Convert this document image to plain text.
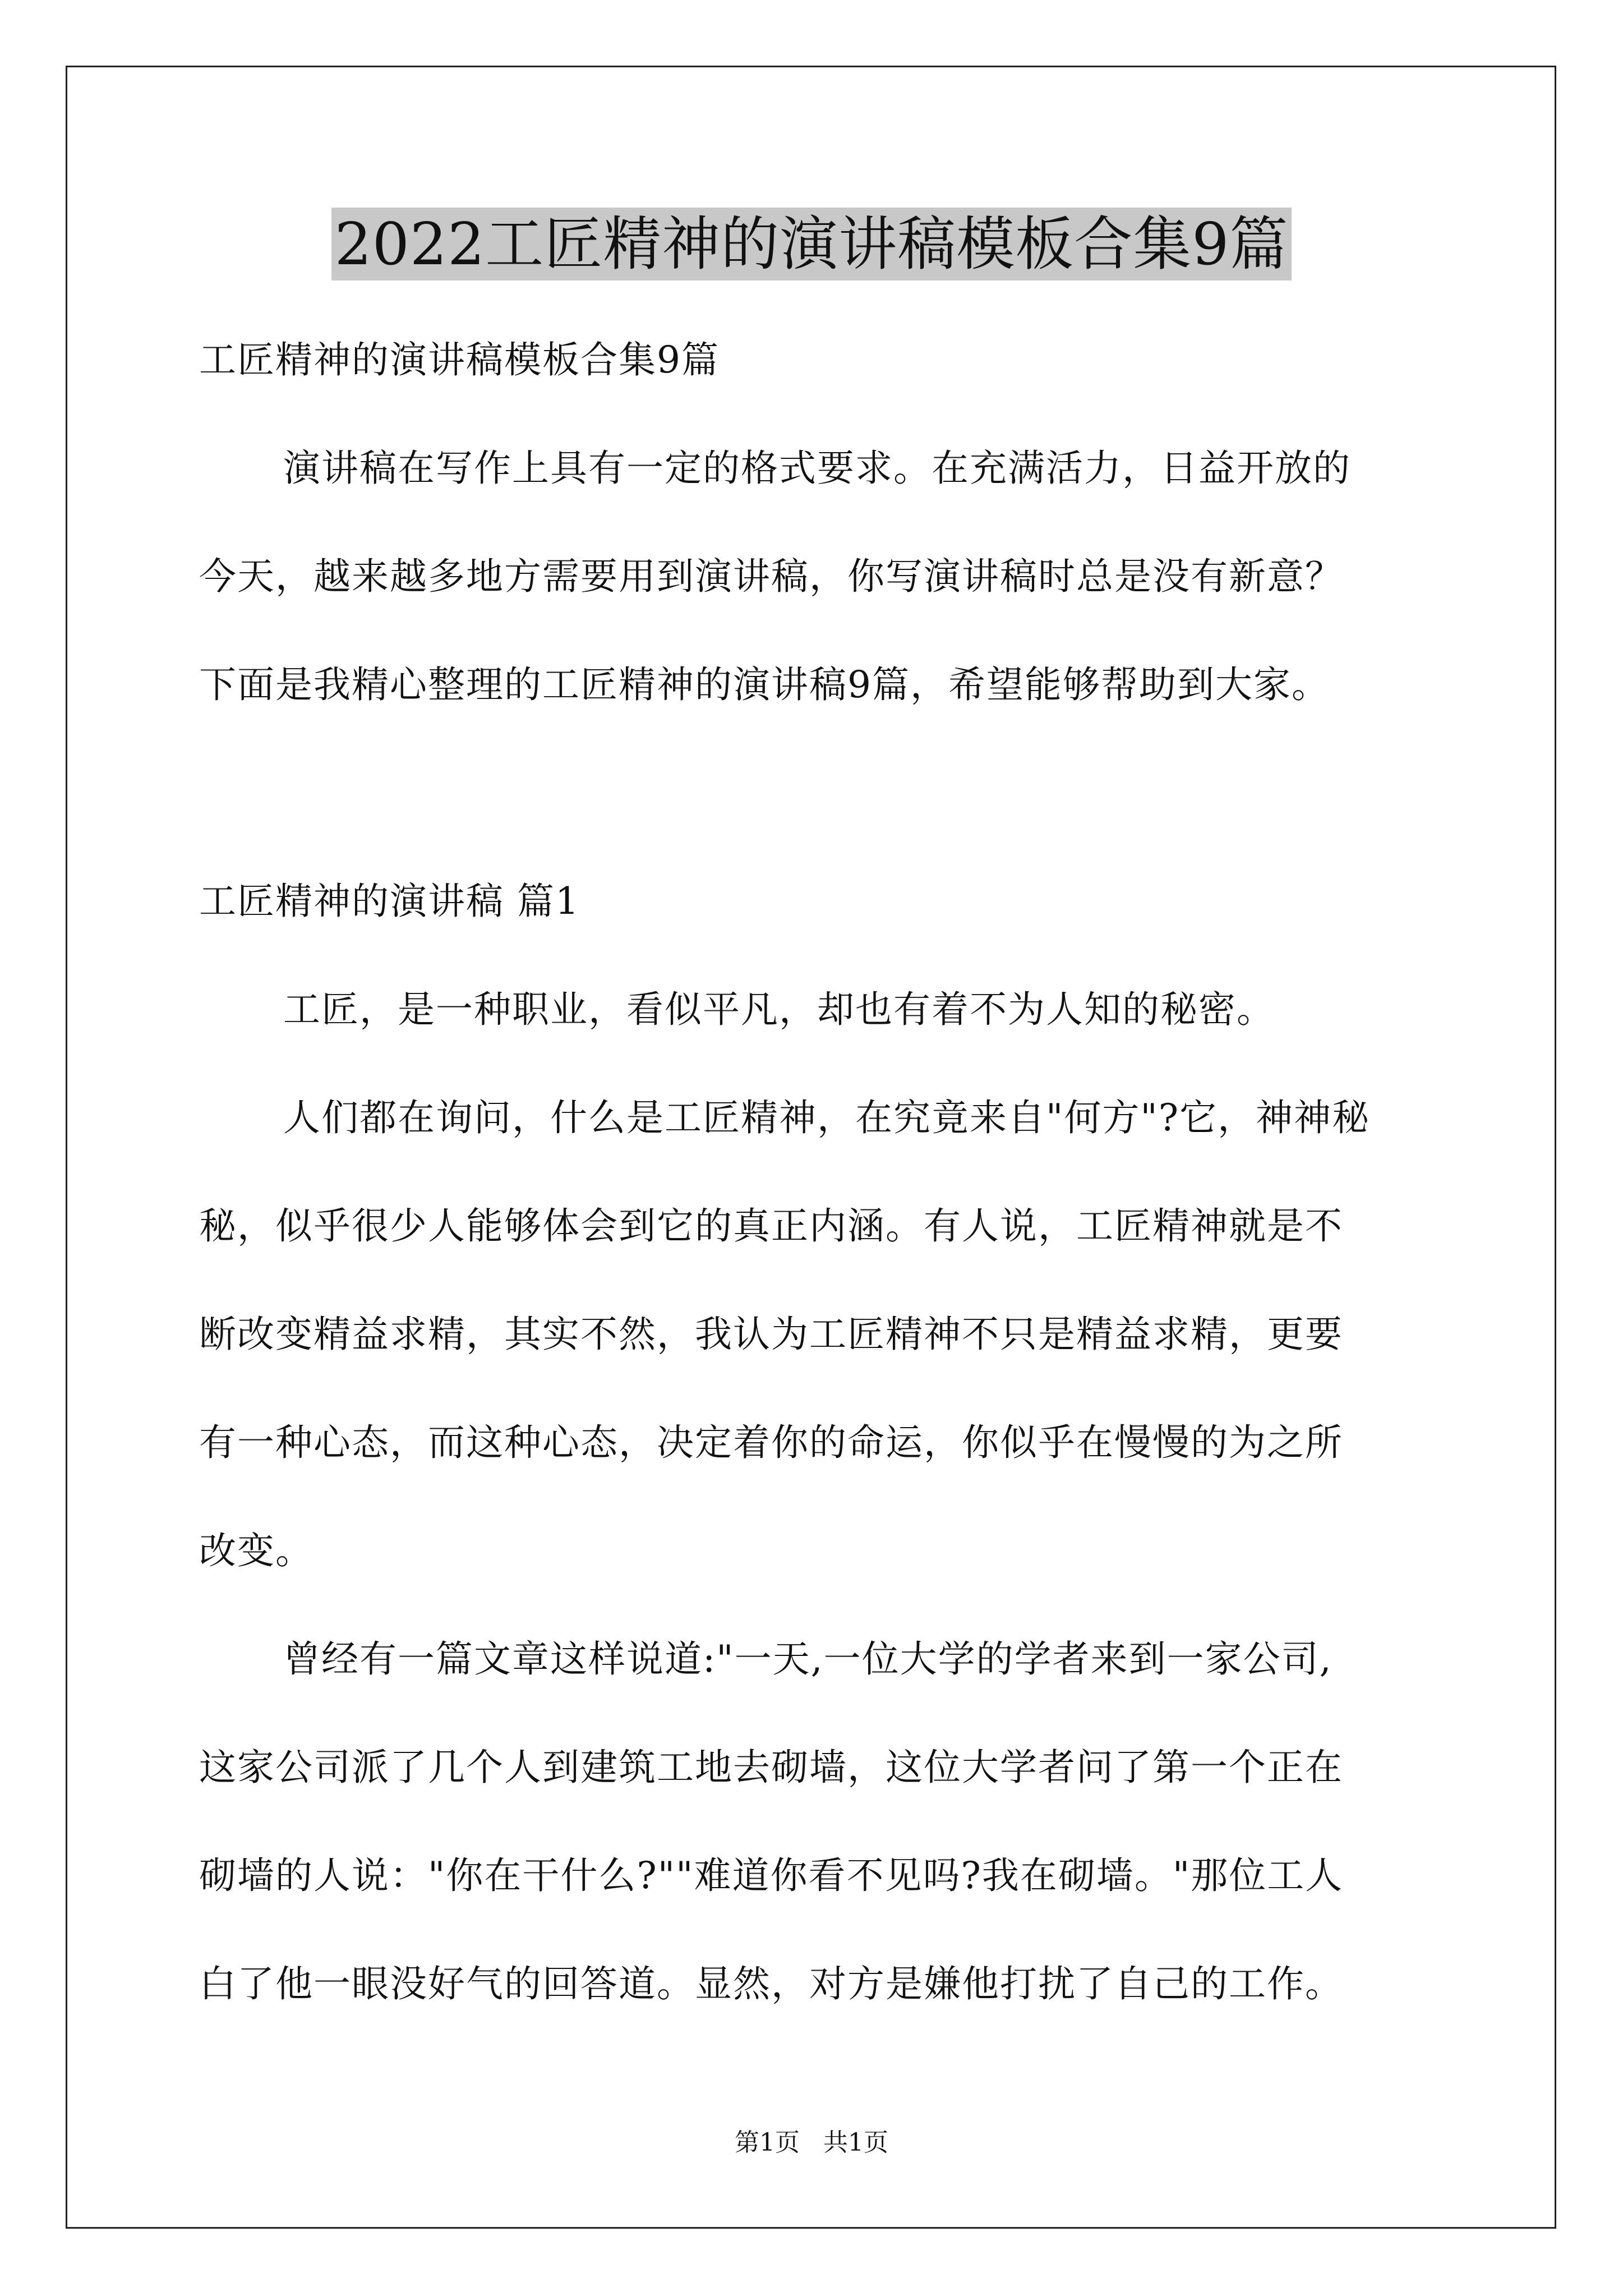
2022工匠精神的演讲稿模板合集9篇
工匠精神的演讲稿模板合集9篇
演讲稿在写作上具有一定的格式要求。在充满活力，日益开放的
今天，越来越多地方需要用到演讲稿，你写演讲稿时总是没有新意？
下面是我精心整理的工匠精神的演讲稿9篇，希望能够帮助到大家。
工匠精神的演讲稿 篇1
工匠，是一种职业，看似平凡，却也有着不为人知的秘密。
人们都在询问，什么是工匠精神，在究竟来自"何方"?它，神神秘
秘，似乎很少人能够体会到它的真正内涵。有人说，工匠精神就是不
断改变精益求精，其实不然，我认为工匠精神不只是精益求精，更要
有一种心态，而这种心态，决定着你的命运，你似乎在慢慢的为之所
改变。
曾经有一篇文章这样说道:"一天,一位大学的学者来到一家公司,
这家公司派了几个人到建筑工地去砌墙，这位大学者问了第一个正在
砌墙的人说："你在干什么?""难道你看不见吗?我在砌墙。"那位工人
白了他一眼没好气的回答道。显然，对方是嫌他打扰了自己的工作。
第1页   共1页
